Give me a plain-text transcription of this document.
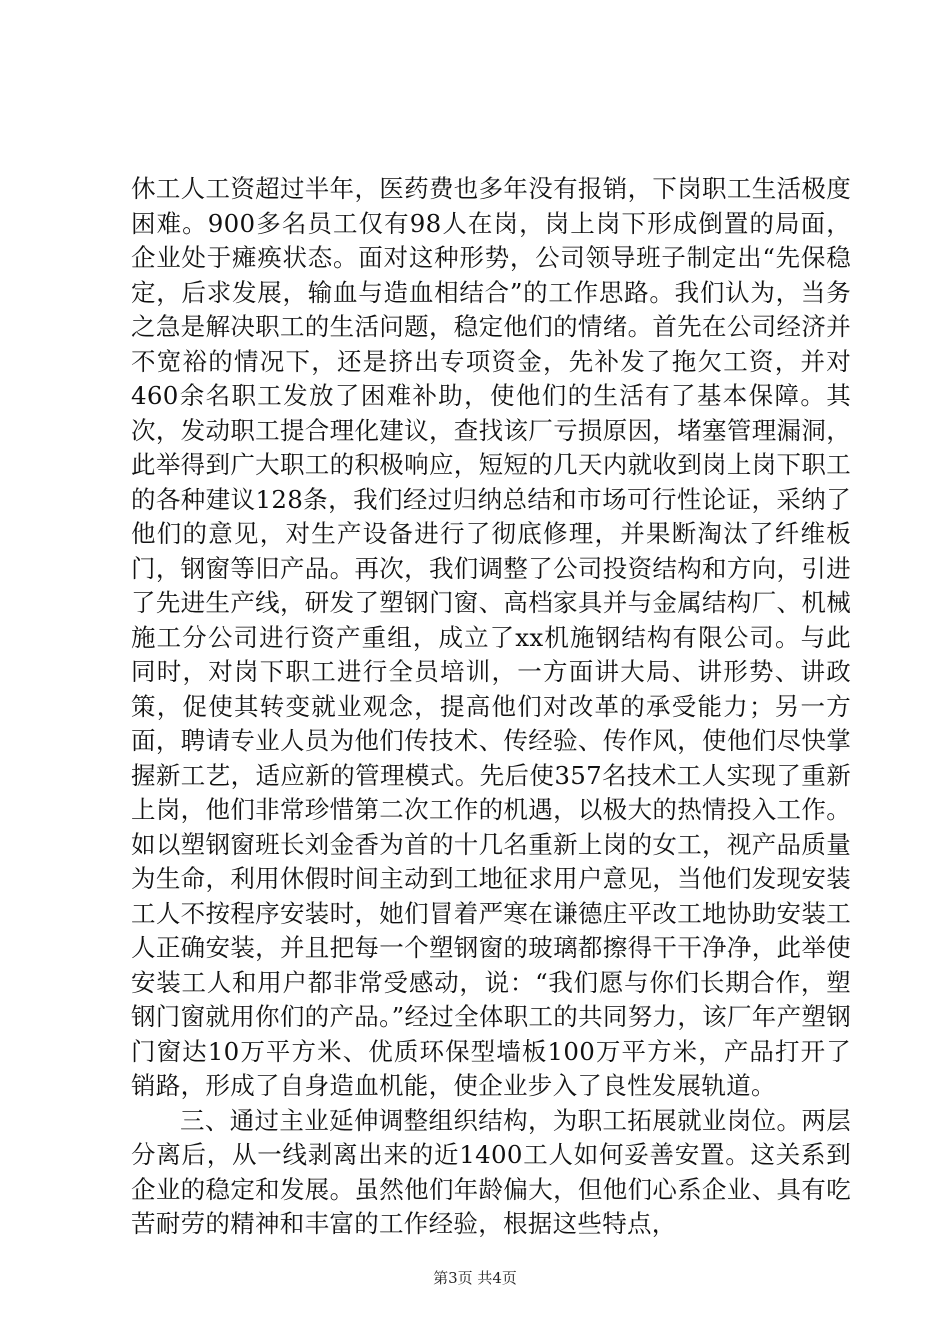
休工人工资超过半年，医药费也多年没有报销，下岗职工生活极度困难。900多名员工仅有98人在岗，岗上岗下形成倒置的局面，企业处于瘫痪状态。面对这种形势，公司领导班子制定出“先保稳定，后求发展，输血与造血相结合”的工作思路。我们认为，当务之急是解决职工的生活问题，稳定他们的情绪。首先在公司经济并不宽裕的情况下，还是挤出专项资金，先补发了拖欠工资，并对460余名职工发放了困难补助，使他们的生活有了基本保障。其次，发动职工提合理化建议，查找该厂亏损原因，堵塞管理漏洞，此举得到广大职工的积极响应，短短的几天内就收到岗上岗下职工的各种建议128条，我们经过归纳总结和市场可行性论证，采纳了他们的意见，对生产设备进行了彻底修理，并果断淘汰了纤维板门，钢窗等旧产品。再次，我们调整了公司投资结构和方向，引进了先进生产线，研发了塑钢门窗、高档家具并与金属结构厂、机械施工分公司进行资产重组，成立了xx机施钢结构有限公司。与此同时，对岗下职工进行全员培训，一方面讲大局、讲形势、讲政策，促使其转变就业观念，提高他们对改革的承受能力；另一方面，聘请专业人员为他们传技术、传经验、传作风，使他们尽快掌握新工艺，适应新的管理模式。先后使357名技术工人实现了重新上岗，他们非常珍惜第二次工作的机遇，以极大的热情投入工作。如以塑钢窗班长刘金香为首的十几名重新上岗的女工，视产品质量为生命，利用休假时间主动到工地征求用户意见，当他们发现安装工人不按程序安装时，她们冒着严寒在谦德庄平改工地协助安装工人正确安装，并且把每一个塑钢窗的玻璃都擦得干干净净，此举使安装工人和用户都非常受感动，说：“我们愿与你们长期合作，塑钢门窗就用你们的产品。”经过全体职工的共同努力，该厂年产塑钢门窗达10万平方米、优质环保型墙板100万平方米，产品打开了销路，形成了自身造血机能，使企业步入了良性发展轨道。

三、通过主业延伸调整组织结构，为职工拓展就业岗位。两层分离后，从一线剥离出来的近1400工人如何妥善安置。这关系到企业的稳定和发展。虽然他们年龄偏大，但他们心系企业、具有吃苦耐劳的精神和丰富的工作经验，根据这些特点，

第3页 共4页
